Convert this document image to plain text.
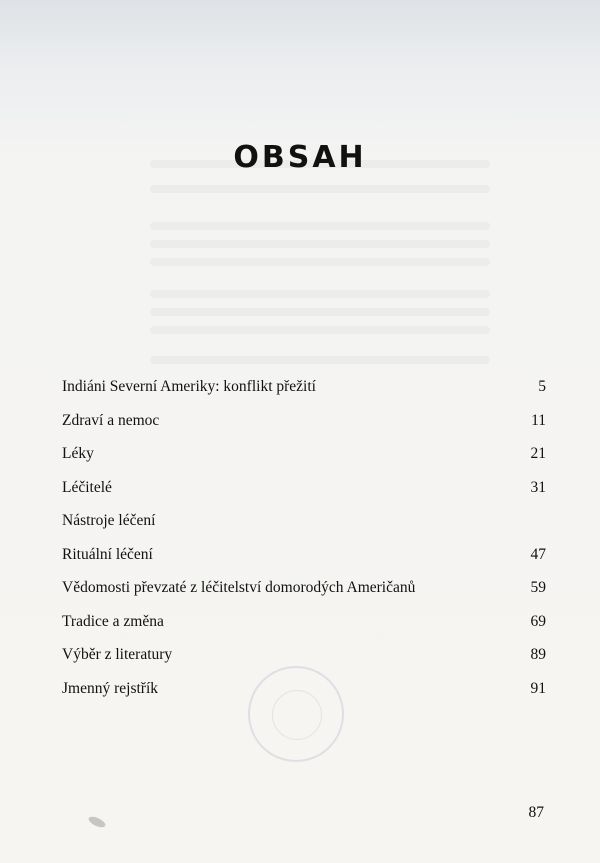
OBSAH
Indiáni Severní Ameriky: konflikt přežití	5
Zdraví a nemoc	11
Léky	21
Léčitelé	31
Nástroje léčení
Rituální léčení	47
Vědomosti převzaté z léčitelství domorodých Američanů	59
Tradice a změna	69
Výběr z literatury	89
Jmenný rejstřík	91
87
